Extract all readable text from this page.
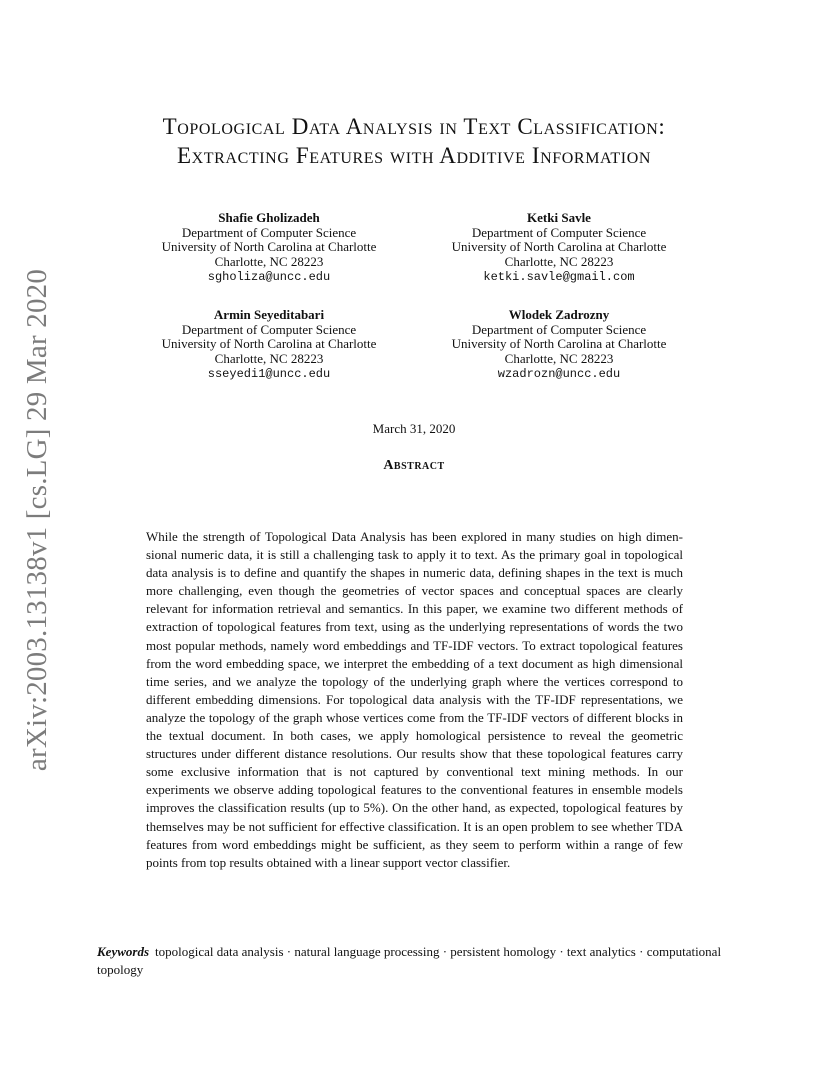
arXiv:2003.13138v1 [cs.LG] 29 Mar 2020
Topological Data Analysis in Text Classification:
Extracting Features with Additive Information
Shafie Gholizadeh
Department of Computer Science
University of North Carolina at Charlotte
Charlotte, NC 28223
sgholiza@uncc.edu
Ketki Savle
Department of Computer Science
University of North Carolina at Charlotte
Charlotte, NC 28223
ketki.savle@gmail.com
Armin Seyeditabari
Department of Computer Science
University of North Carolina at Charlotte
Charlotte, NC 28223
sseyedi1@uncc.edu
Wlodek Zadrozny
Department of Computer Science
University of North Carolina at Charlotte
Charlotte, NC 28223
wzadrozn@uncc.edu
March 31, 2020
Abstract
While the strength of Topological Data Analysis has been explored in many studies on high dimensional numeric data, it is still a challenging task to apply it to text. As the primary goal in topological data analysis is to define and quantify the shapes in numeric data, defining shapes in the text is much more challenging, even though the geometries of vector spaces and conceptual spaces are clearly relevant for information retrieval and semantics. In this paper, we examine two different methods of extraction of topological features from text, using as the underlying representations of words the two most popular methods, namely word embeddings and TF-IDF vectors. To extract topological features from the word embedding space, we interpret the embedding of a text document as high dimensional time series, and we analyze the topology of the underlying graph where the vertices correspond to different embedding dimensions. For topological data analysis with the TF-IDF representations, we analyze the topology of the graph whose vertices come from the TF-IDF vectors of different blocks in the textual document. In both cases, we apply homological persistence to reveal the geometric structures under different distance resolutions. Our results show that these topological features carry some exclusive information that is not captured by conventional text mining methods. In our experiments we observe adding topological features to the conventional features in ensemble models improves the classification results (up to 5%). On the other hand, as expected, topological features by themselves may be not sufficient for effective classification. It is an open problem to see whether TDA features from word embeddings might be sufficient, as they seem to perform within a range of few points from top results obtained with a linear support vector classifier.
Keywords topological data analysis · natural language processing · persistent homology · text analytics · computational topology
